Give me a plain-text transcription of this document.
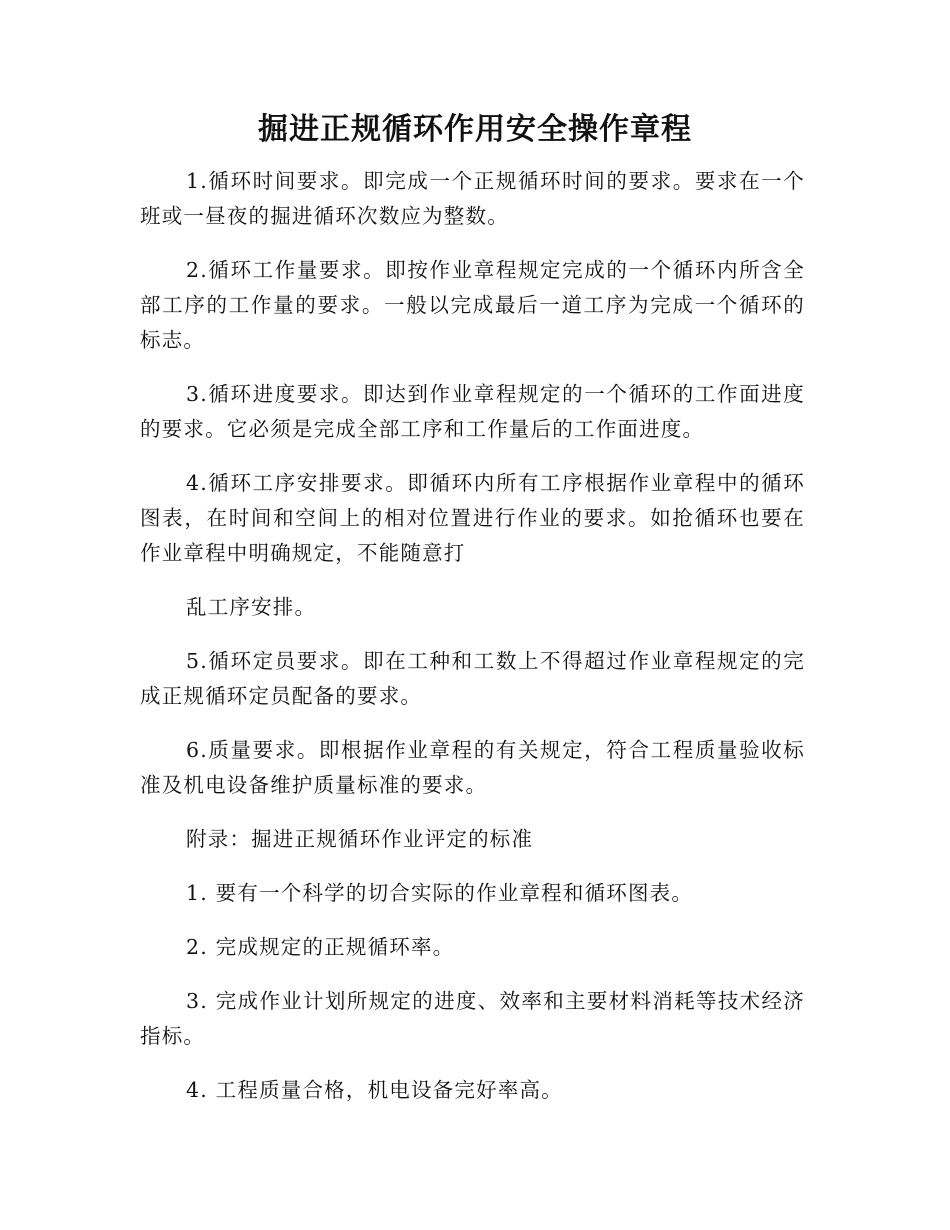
掘进正规循环作用安全操作章程

1.循环时间要求。即完成一个正规循环时间的要求。要求在一个班或一昼夜的掘进循环次数应为整数。

2.循环工作量要求。即按作业章程规定完成的一个循环内所含全部工序的工作量的要求。一般以完成最后一道工序为完成一个循环的标志。

3.循环进度要求。即达到作业章程规定的一个循环的工作面进度的要求。它必须是完成全部工序和工作量后的工作面进度。

4.循环工序安排要求。即循环内所有工序根据作业章程中的循环图表，在时间和空间上的相对位置进行作业的要求。如抢循环也要在作业章程中明确规定，不能随意打

乱工序安排。

5.循环定员要求。即在工种和工数上不得超过作业章程规定的完成正规循环定员配备的要求。

6.质量要求。即根据作业章程的有关规定，符合工程质量验收标准及机电设备维护质量标准的要求。

附录：掘进正规循环作业评定的标准

1. 要有一个科学的切合实际的作业章程和循环图表。

2. 完成规定的正规循环率。

3. 完成作业计划所规定的进度、效率和主要材料消耗等技术经济指标。

4. 工程质量合格，机电设备完好率高。
